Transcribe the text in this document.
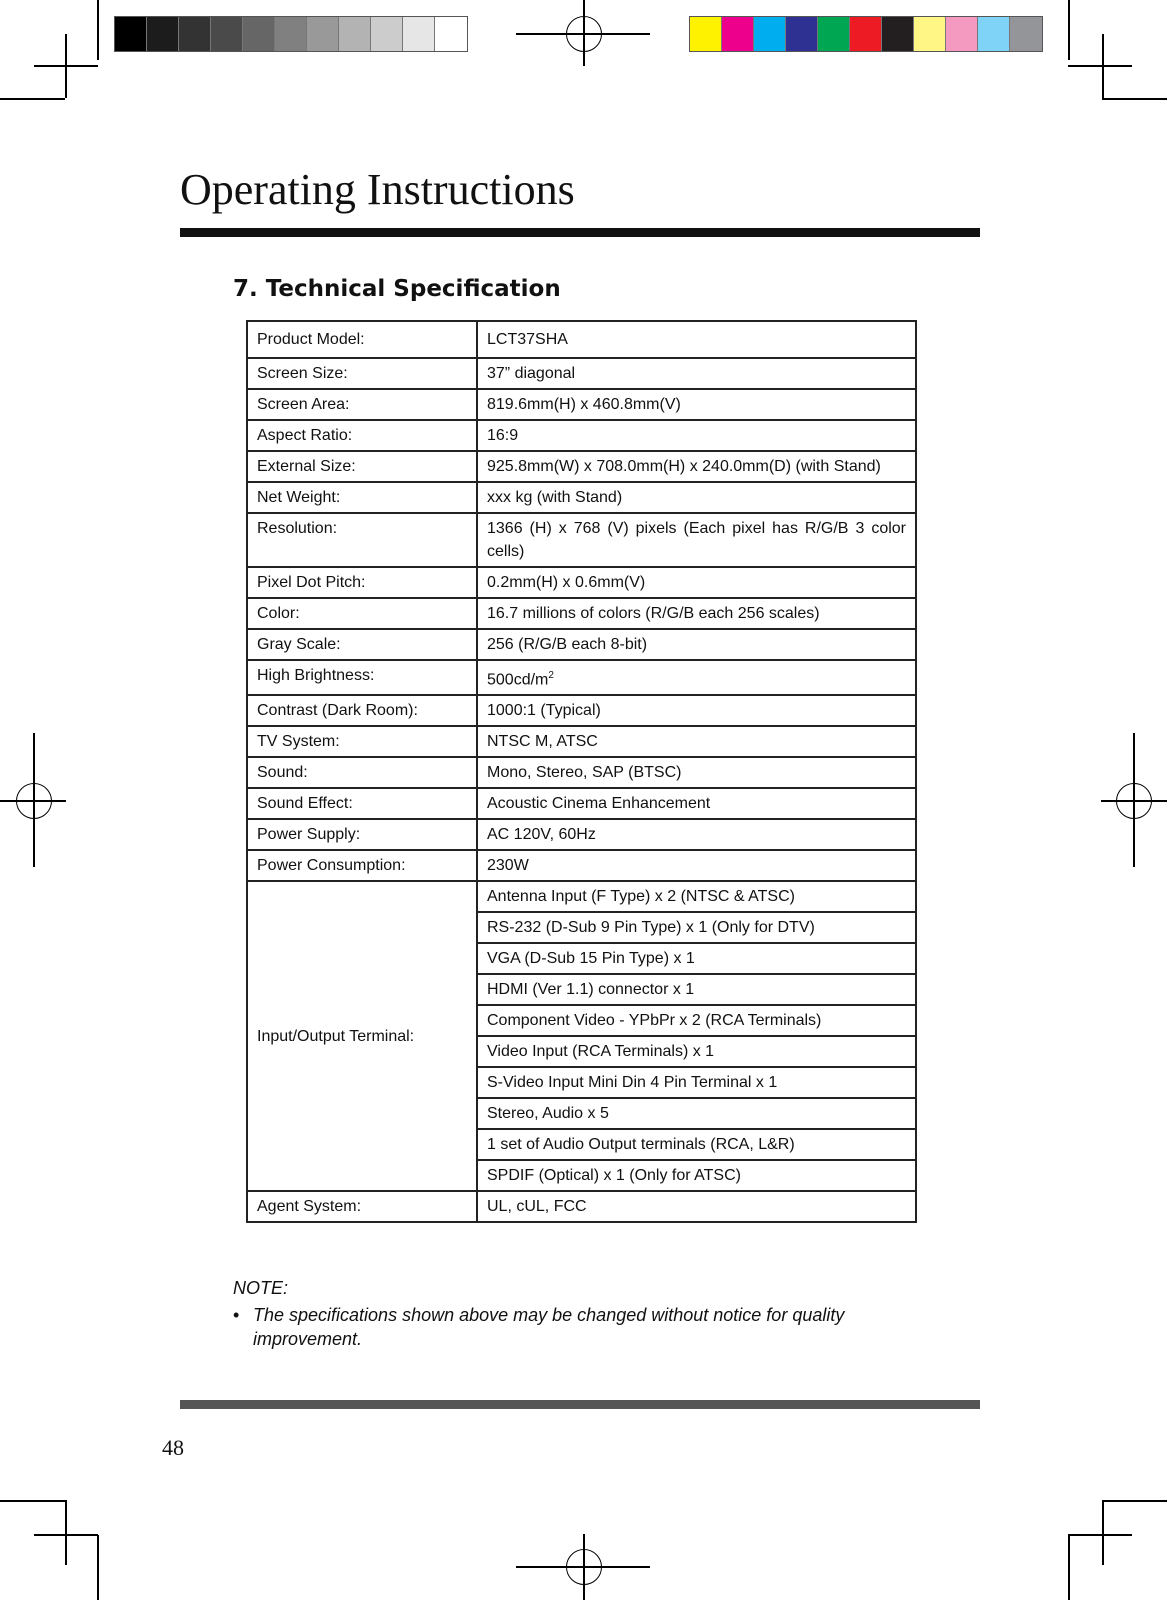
Operating Instructions
7. Technical Specification
Product Model:	LCT37SHA
Screen Size:	37” diagonal
Screen Area:	819.6mm(H) x 460.8mm(V)
Aspect Ratio:	16:9
External Size:	925.8mm(W) x 708.0mm(H) x 240.0mm(D) (with Stand)
Net Weight:	xxx kg (with Stand)
Resolution:	1366 (H) x 768 (V) pixels (Each pixel has R/G/B 3 color cells)
Pixel Dot Pitch:	0.2mm(H) x 0.6mm(V)
Color:	16.7 millions of colors (R/G/B each 256 scales)
Gray Scale:	256 (R/G/B each 8-bit)
High Brightness:	$500cd/m^2$
Contrast (Dark Room):	1000:1 (Typical)
TV System:	NTSC M, ATSC
Sound:	Mono, Stereo, SAP (BTSC)
Sound Effect:	Acoustic Cinema Enhancement
Power Supply:	AC 120V, 60Hz
Power Consumption:	230W
Input/Output Terminal:	Antenna Input (F Type) x 2 (NTSC & ATSC)
	RS-232 (D-Sub 9 Pin Type) x 1 (Only for DTV)
	VGA (D-Sub 15 Pin Type) x 1
	HDMI (Ver 1.1) connector x 1
	Component Video - YPbPr x 2 (RCA Terminals)
	Video Input (RCA Terminals) x 1
	S-Video Input Mini Din 4 Pin Terminal x 1
	Stereo, Audio x 5
	1 set of Audio Output terminals (RCA, L&R)
	SPDIF (Optical) x 1 (Only for ATSC)
Agent System:	UL, cUL, FCC
NOTE:
• The specifications shown above may be changed without notice for quality improvement.
48
